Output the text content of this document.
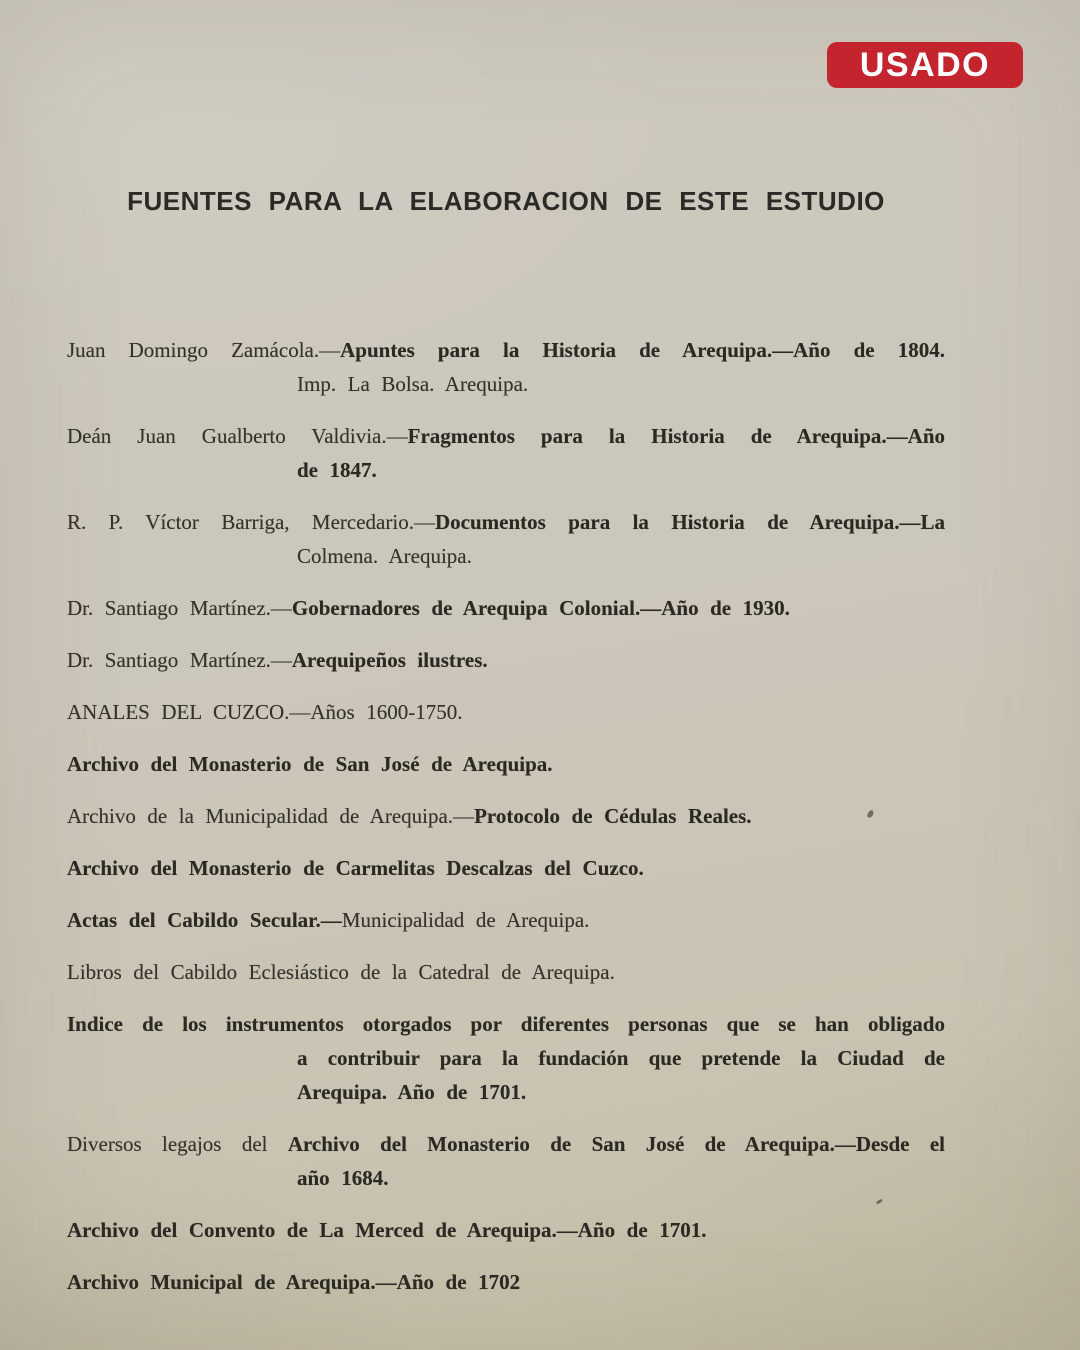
USADO
FUENTES PARA LA ELABORACION DE ESTE ESTUDIO
Juan Domingo Zamácola.—Apuntes para la Historia de Arequipa.—Año de 1804.
Imp. La Bolsa. Arequipa.
Deán Juan Gualberto Valdivia.—Fragmentos para la Historia de Arequipa.—Año
de 1847.
R. P. Víctor Barriga, Mercedario.—Documentos para la Historia de Arequipa.—La
Colmena. Arequipa.
Dr. Santiago Martínez.—Gobernadores de Arequipa Colonial.—Año de 1930.
Dr. Santiago Martínez.—Arequipeños ilustres.
ANALES DEL CUZCO.—Años 1600-1750.
Archivo del Monasterio de San José de Arequipa.
Archivo de la Municipalidad de Arequipa.—Protocolo de Cédulas Reales.
Archivo del Monasterio de Carmelitas Descalzas del Cuzco.
Actas del Cabildo Secular.—Municipalidad de Arequipa.
Libros del Cabildo Eclesiástico de la Catedral de Arequipa.
Indice de los instrumentos otorgados por diferentes personas que se han obligado
a contribuir para la fundación que pretende la Ciudad de
Arequipa. Año de 1701.
Diversos legajos del Archivo del Monasterio de San José de Arequipa.—Desde el
año 1684.
Archivo del Convento de La Merced de Arequipa.—Año de 1701.
Archivo Municipal de Arequipa.—Año de 1702
